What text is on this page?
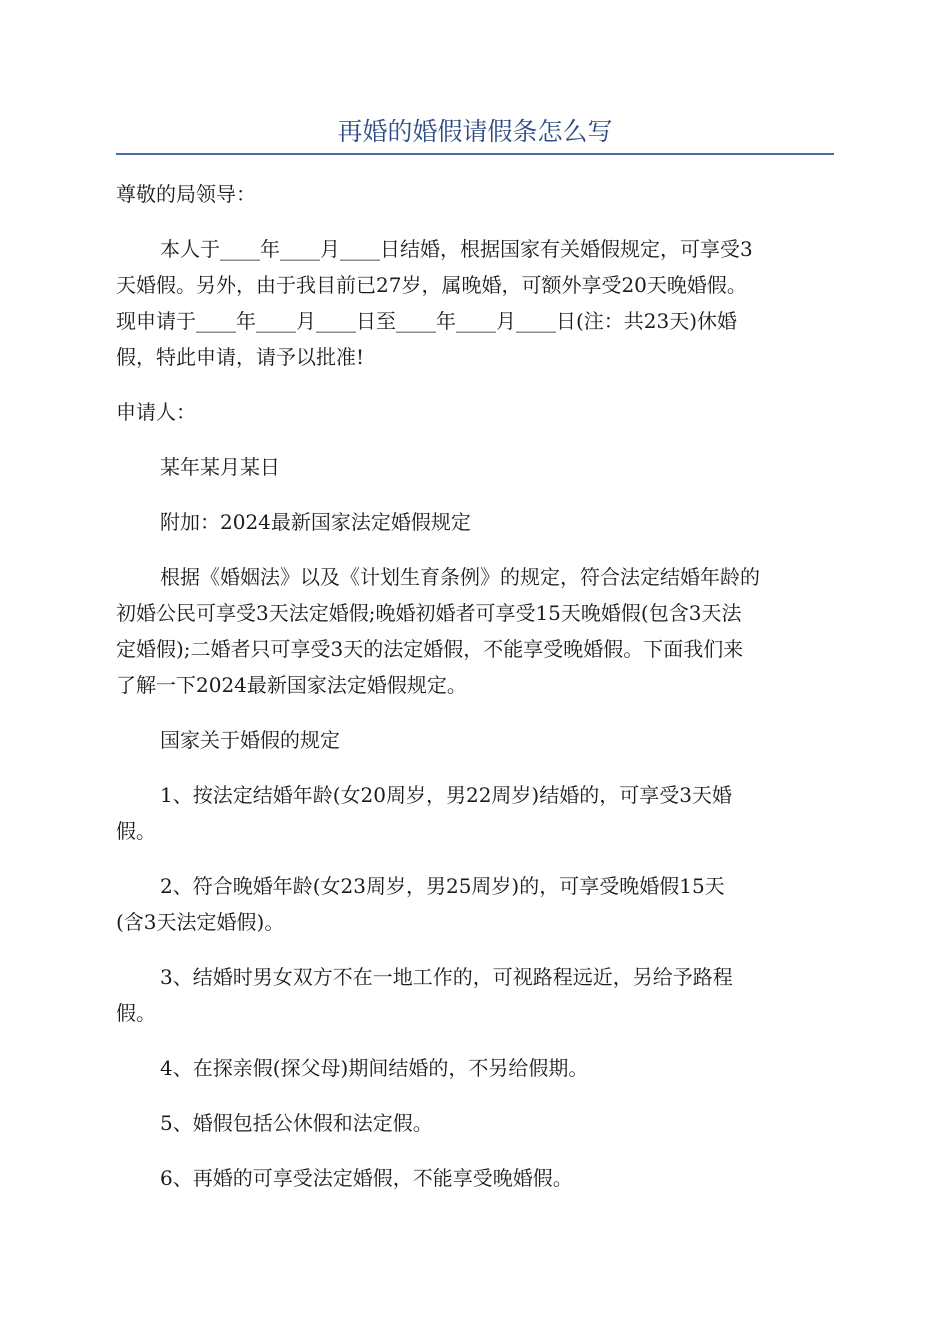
再婚的婚假请假条怎么写
尊敬的局领导：
本人于____年____月____日结婚，根据国家有关婚假规定，可享受3
天婚假。另外，由于我目前已27岁，属晚婚，可额外享受20天晚婚假。
现申请于____年____月____日至____年____月____日(注：共23天)休婚
假，特此申请，请予以批准!
申请人：
某年某月某日
附加：2024最新国家法定婚假规定
根据《婚姻法》以及《计划生育条例》的规定，符合法定结婚年龄的
初婚公民可享受3天法定婚假;晚婚初婚者可享受15天晚婚假(包含3天法
定婚假);二婚者只可享受3天的法定婚假，不能享受晚婚假。下面我们来
了解一下2024最新国家法定婚假规定。
国家关于婚假的规定
1、按法定结婚年龄(女20周岁，男22周岁)结婚的，可享受3天婚
假。
2、符合晚婚年龄(女23周岁，男25周岁)的，可享受晚婚假15天
(含3天法定婚假)。
3、结婚时男女双方不在一地工作的，可视路程远近，另给予路程
假。
4、在探亲假(探父母)期间结婚的，不另给假期。
5、婚假包括公休假和法定假。
6、再婚的可享受法定婚假，不能享受晚婚假。
